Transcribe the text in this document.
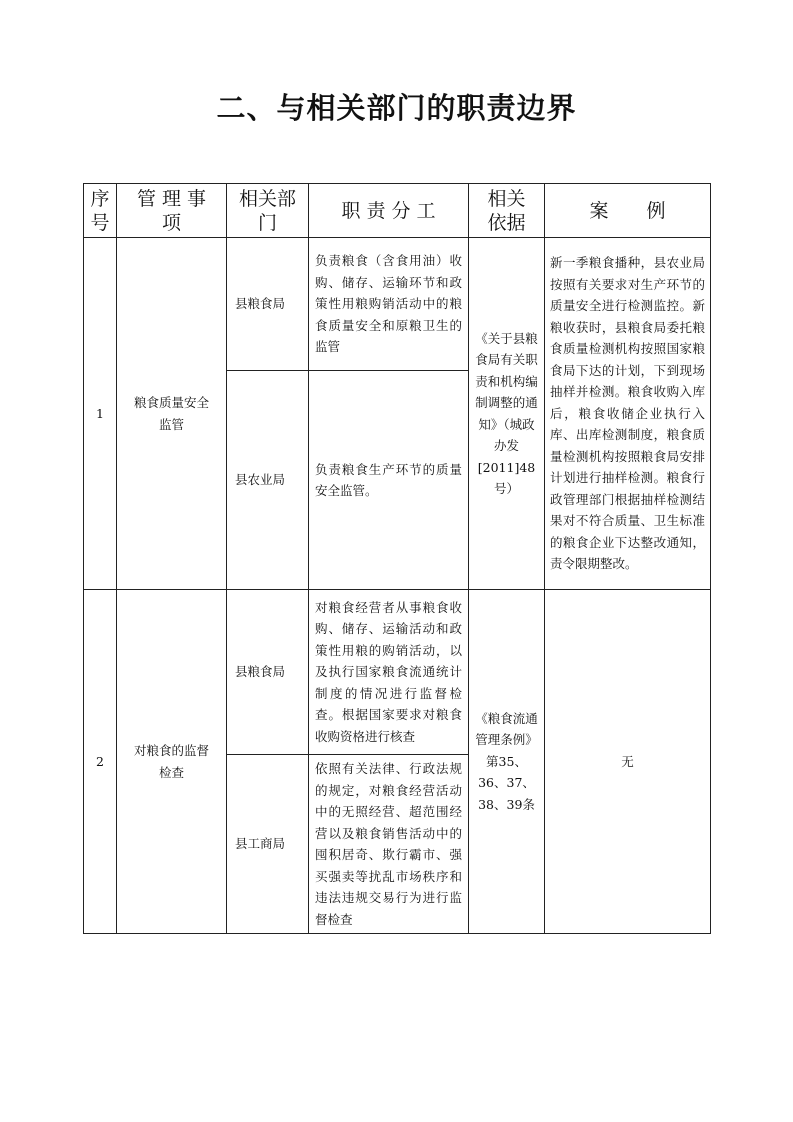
二、与相关部门的职责边界
序号	管 理 事 项	相关部门	职 责 分 工	相关依据	案　　例
1	粮食质量安全监管	县粮食局	负责粮食（含食用油）收购、储存、运输环节和政策性用粮购销活动中的粮食质量安全和原粮卫生的监管	《关于县粮食局有关职责和机构编制调整的通知》（城政办发[2011]48号）	新一季粮食播种，县农业局按照有关要求对生产环节的质量安全进行检测监控。新粮收获时，县粮食局委托粮食质量检测机构按照国家粮食局下达的计划，下到现场抽样并检测。粮食收购入库后，粮食收储企业执行入库、出库检测制度，粮食质量检测机构按照粮食局安排计划进行抽样检测。粮食行政管理部门根据抽样检测结果对不符合质量、卫生标准的粮食企业下达整改通知，责令限期整改。
		县农业局	负责粮食生产环节的质量安全监管。		
2	对粮食的监督检查	县粮食局	对粮食经营者从事粮食收购、储存、运输活动和政策性用粮的购销活动，以及执行国家粮食流通统计制度的情况进行监督检查。根据国家要求对粮食收购资格进行核查	《粮食流通管理条例》第35、36、37、38、39条	无
		县工商局	依照有关法律、行政法规的规定，对粮食经营活动中的无照经营、超范围经营以及粮食销售活动中的囤积居奇、欺行霸市、强买强卖等扰乱市场秩序和违法违规交易行为进行监督检查		
